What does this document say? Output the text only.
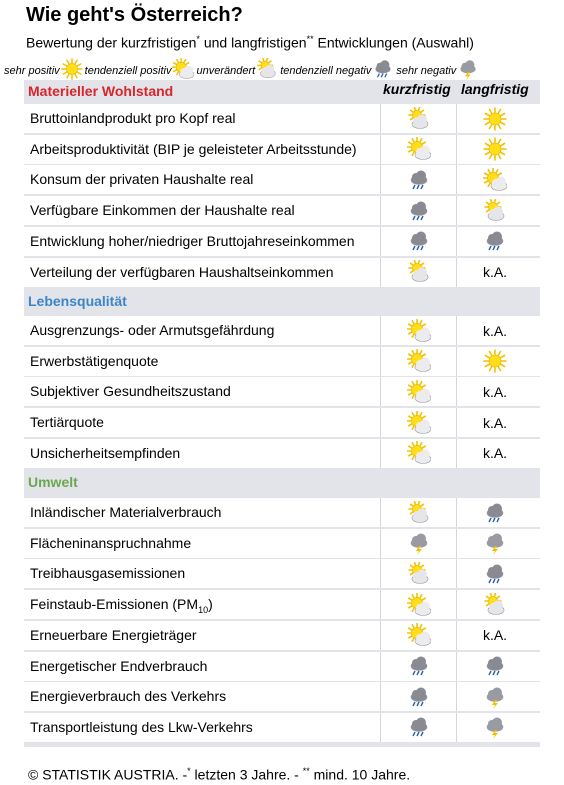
Wie geht's Österreich?
Bewertung der kurzfristigen* und langfristigen** Entwicklungen (Auswahl)
sehr positiv tendenziell positiv unverändert tendenziell negativ sehr negativ
kurzfristig langfristig
Materieller Wohlstand
Bruttoinlandprodukt pro Kopf real
Arbeitsproduktivität (BIP je geleisteter Arbeitsstunde)
Konsum der privaten Haushalte real
Verfügbare Einkommen der Haushalte real
Entwicklung hoher/niedriger Bruttojahreseinkommen
Verteilung der verfügbaren Haushaltseinkommen	k.A.
Lebensqualität
Ausgrenzungs- oder Armutsgefährdung	k.A.
Erwerbstätigenquote
Subjektiver Gesundheitszustand	k.A.
Tertiärquote	k.A.
Unsicherheitsempfinden	k.A.
Umwelt
Inländischer Materialverbrauch
Flächeninanspruchnahme
Treibhausgasemissionen
Feinstaub-Emissionen $(PM_{10})$
Erneuerbare Energieträger	k.A.
Energetischer Endverbrauch
Energieverbrauch des Verkehrs
Transportleistung des Lkw-Verkehrs
© STATISTIK AUSTRIA. -* letzten 3 Jahre. - ** mind. 10 Jahre.
